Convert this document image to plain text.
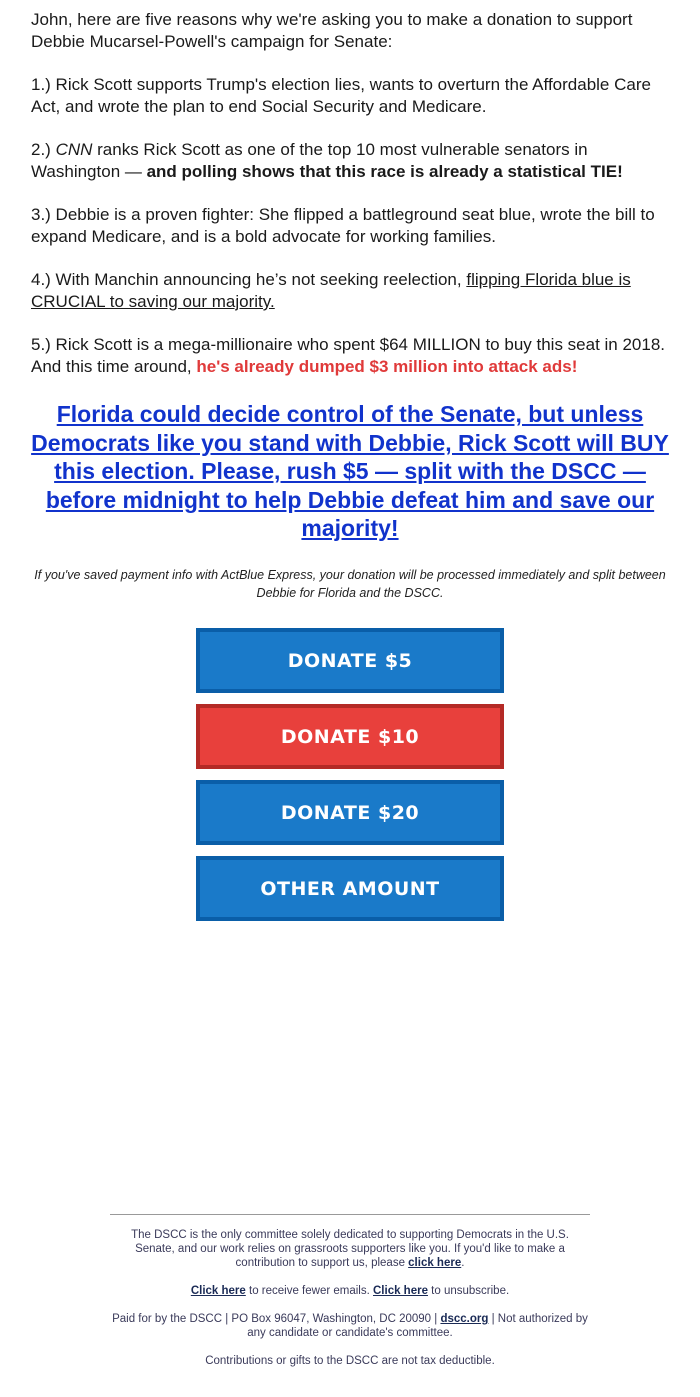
John, here are five reasons why we're asking you to make a donation to support Debbie Mucarsel-Powell's campaign for Senate:

1.) Rick Scott supports Trump's election lies, wants to overturn the Affordable Care Act, and wrote the plan to end Social Security and Medicare.

2.) CNN ranks Rick Scott as one of the top 10 most vulnerable senators in Washington — and polling shows that this race is already a statistical TIE!

3.) Debbie is a proven fighter: She flipped a battleground seat blue, wrote the bill to expand Medicare, and is a bold advocate for working families.

4.) With Manchin announcing he’s not seeking reelection, flipping Florida blue is CRUCIAL to saving our majority.

5.) Rick Scott is a mega-millionaire who spent $64 MILLION to buy this seat in 2018. And this time around, he's already dumped $3 million into attack ads!

Florida could decide control of the Senate, but unless Democrats like you stand with Debbie, Rick Scott will BUY this election. Please, rush $5 — split with the DSCC — before midnight to help Debbie defeat him and save our majority!
If you've saved payment info with ActBlue Express, your donation will be processed immediately and split between Debbie for Florida and the DSCC.
DONATE $5
DONATE $10
DONATE $20
OTHER AMOUNT

The DSCC is the only committee solely dedicated to supporting Democrats in the U.S. Senate, and our work relies on grassroots supporters like you. If you'd like to make a contribution to support us, please click here.

Click here to receive fewer emails. Click here to unsubscribe.

Paid for by the DSCC | PO Box 96047, Washington, DC 20090 | dscc.org | Not authorized by any candidate or candidate's committee.

Contributions or gifts to the DSCC are not tax deductible.
